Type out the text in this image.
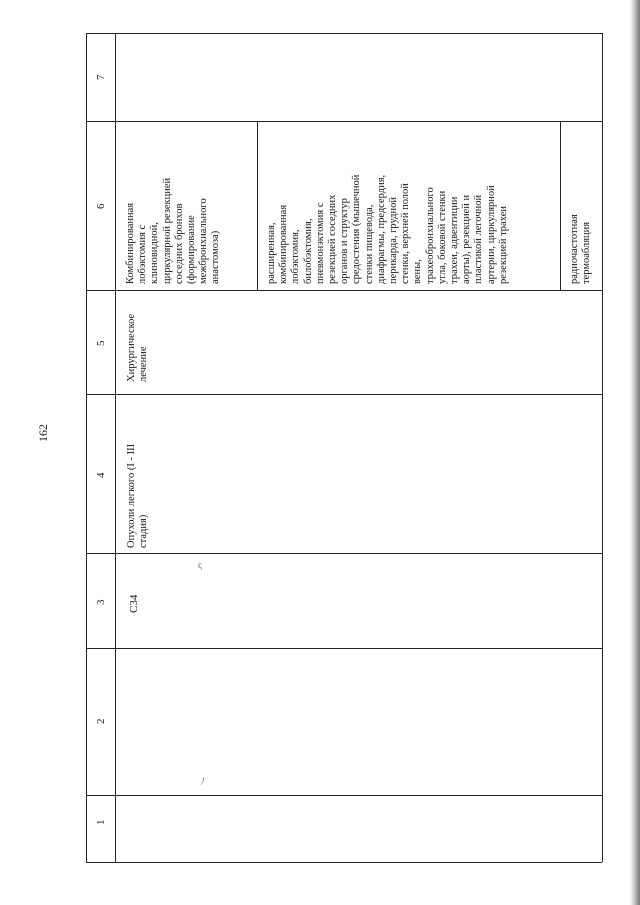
162
1
2
3
4
5
6
7
C34
Опухоли легкого (I - III
стадия)
Хирургическое
лечение
Комбинированная
лобэктомия с
клиновидной,
циркулярной резекцией
соседних бронхов
(формирование
межбронхиального
анастомоза)	расширенная,
комбинированная
лобэктомия,
билобэктомия,
пневмонэктомия с
резекцией соседних
органов и структур
средостения (мышечной
стенки пищевода,
диафрагмы, предсердия,
перикарда, грудной
стенки, верхней полой
вены,
трахеобронхиального
угла, боковой стенки
трахеи, адвентиции
аорты), резекцией и
пластикой легочной
артерии, циркулярной
резекцией трахеи	радиочастотная
термоабляция
ς
ﾉ
